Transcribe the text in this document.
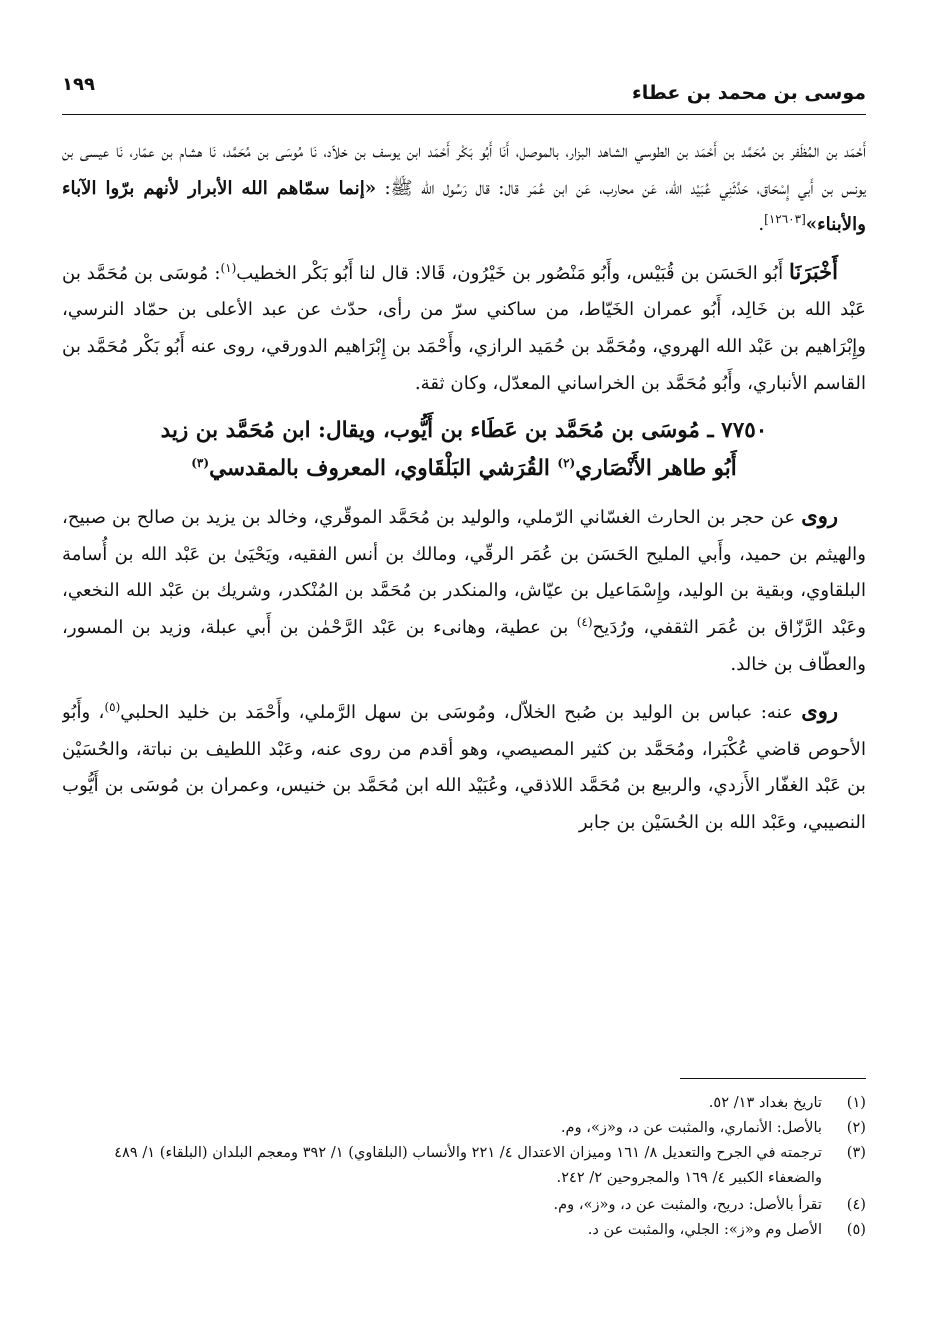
موسى بن محمد بن عطاء
١٩٩

أَحْمَد بن المُظَفر بن مُحَمَّد بن أَحْمَد بن الطوسي الشاهد البزار، بالموصل، أَنَا أَبُو بَكْر أَحْمَد ابن يوسف بن خلاّد، نَا مُوسَى بن مُحَمَّد، نَا هشام بن عمّار، نَا عيسى بن يونس بن أَبي إِسْحَاق، حَدَّثَنِي عُبَيْد الله، عَن محارب، عَن ابن عُمَر قال: قال رَسُول الله ﷺ: «إنما سمّاهم الله الأبرار لأنهم برّوا الآباء والأبناء»[١٢٦٠٣].

أَخْبَرَنَا أَبُو الحَسَن بن قُبَيْس، وأَبُو مَنْصُور بن خَيْرُون، قَالا: قال لنا أَبُو بَكْر الخطيب$^{(١)}$: مُوسَى بن مُحَمَّد بن عَبْد الله بن خَالِد، أَبُو عمران الخَيّاط، من ساكني سرّ من رأى، حدّث عن عبد الأعلى بن حمّاد النرسي، وإِبْرَاهيم بن عَبْد الله الهروي، ومُحَمَّد بن حُمَيد الرازي، وأَحْمَد بن إِبْرَاهيم الدورقي، روى عنه أَبُو بَكْر مُحَمَّد بن القاسم الأنباري، وأَبُو مُحَمَّد بن الخراساني المعدّل، وكان ثقة.

٧٧٥٠ ـ مُوسَى بن مُحَمَّد بن عَطَاء بن أَيُّوب، ويقال: ابن مُحَمَّد بن زيد
أَبُو طاهر الأَنْصَاري$^{(٢)}$ القُرَشي البَلْقَاوي، المعروف بالمقدسي$^{(٣)}$

روى عن حجر بن الحارث الغسّاني الرّملي، والوليد بن مُحَمَّد الموقّري، وخالد بن يزيد بن صالح بن صبيح، والهيثم بن حميد، وأَبي المليح الحَسَن بن عُمَر الرقّي، ومالك بن أنس الفقيه، ويَحْيَىٰ بن عَبْد الله بن أُسامة البلقاوي، وبقية بن الوليد، وإِسْمَاعيل بن عيّاش، والمنكدر بن مُحَمَّد بن المُنْكدر، وشريك بن عَبْد الله النخعي، وعَبْد الرَّزّاق بن عُمَر الثقفي، ورُدَيح$^{(٤)}$ بن عطية، وهانىء بن عَبْد الرَّحْمٰن بن أَبي عبلة، وزيد بن المسور، والعطّاف بن خالد.

روى عنه: عباس بن الوليد بن صُبح الخلاّل، ومُوسَى بن سهل الرَّملي، وأَحْمَد بن خليد الحلبي$^{(٥)}$، وأَبُو الأحوص قاضي عُكْبَرا، ومُحَمَّد بن كثير المصيصي، وهو أقدم من روى عنه، وعَبْد اللطيف بن نباتة، والحُسَيْن بن عَبْد الغفّار الأَزدي، والربيع بن مُحَمَّد اللاذقي، وعُبَيْد الله ابن مُحَمَّد بن خنيس، وعمران بن مُوسَى بن أَيُّوب النصيبي، وعَبْد الله بن الحُسَيْن بن جابر

(١)
تاريخ بغداد ١٣/ ٥٢.
(٢)
بالأصل: الأنماري، والمثبت عن د، و«ز»، وم.
(٣)
ترجمته في الجرح والتعديل ٨/ ١٦١ وميزان الاعتدال ٤/ ٢٢١ والأنساب (البلقاوي) ١/ ٣٩٢ ومعجم البلدان (البلقاء) ١/ ٤٨٩ والضعفاء الكبير ٤/ ١٦٩ والمجروحين ٢/ ٢٤٢.
(٤)
تقرأ بالأصل: دريح، والمثبت عن د، و«ز»، وم.
(٥)
الأصل وم و«ز»: الجلي، والمثبت عن د.
